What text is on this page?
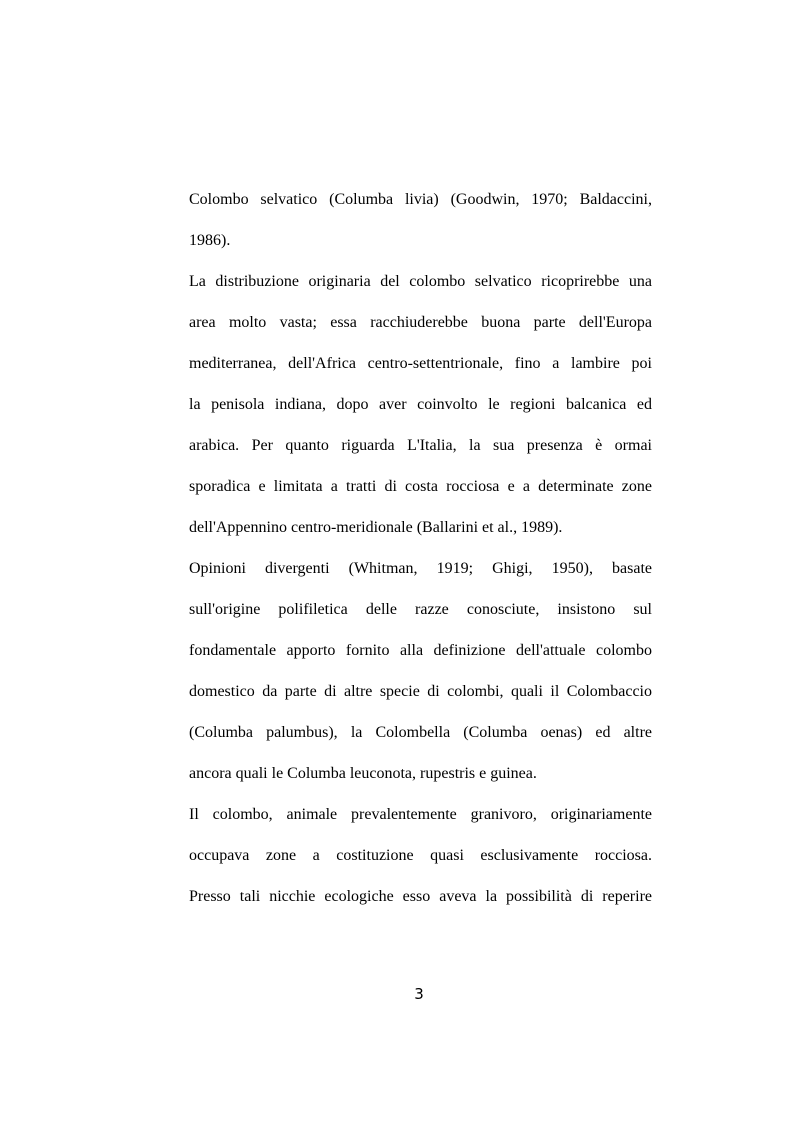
Colombo selvatico (Columba livia) (Goodwin, 1970; Baldaccini,
1986).
La distribuzione originaria del colombo selvatico ricoprirebbe una
area molto vasta; essa racchiuderebbe buona parte dell'Europa
mediterranea, dell'Africa centro-settentrionale, fino a lambire poi
la penisola indiana, dopo aver coinvolto le regioni balcanica ed
arabica. Per quanto riguarda L'Italia, la sua presenza è ormai
sporadica e limitata a tratti di costa rocciosa e a determinate zone
dell'Appennino centro-meridionale (Ballarini et al., 1989).
Opinioni divergenti (Whitman, 1919; Ghigi, 1950), basate
sull'origine polifiletica delle razze conosciute, insistono sul
fondamentale apporto fornito alla definizione dell'attuale colombo
domestico da parte di altre specie di colombi, quali il Colombaccio
(Columba palumbus), la Colombella (Columba oenas) ed altre
ancora quali le Columba leuconota, rupestris e guinea.
Il colombo, animale prevalentemente granivoro, originariamente
occupava zone a costituzione quasi esclusivamente rocciosa.
Presso tali nicchie ecologiche esso aveva la possibilità di reperire
3
